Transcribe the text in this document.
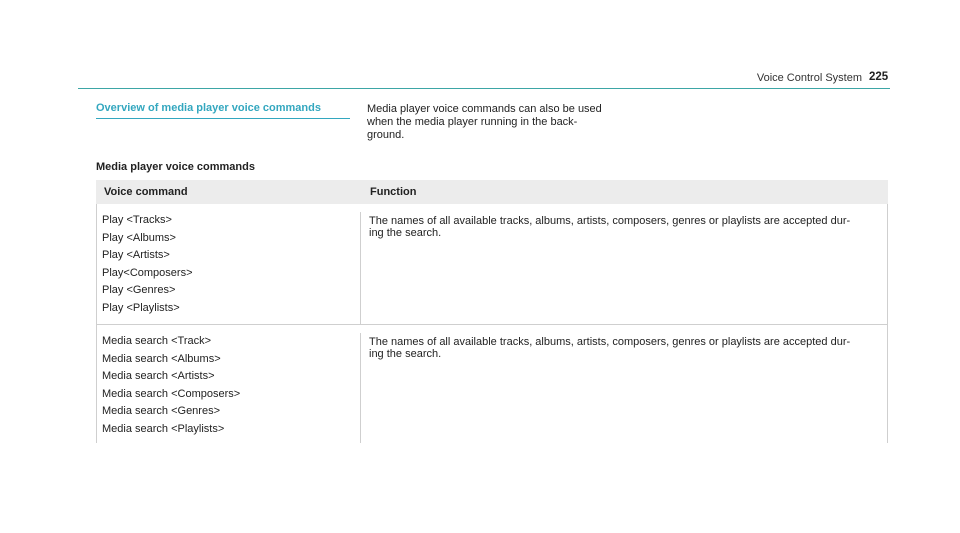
Voice Control System 225
Overview of media player voice commands	Media player voice commands can also be used
when the media player running in the back-
ground.
Media player voice commands
Voice command	Function
Play <Tracks>
Play <Albums>
Play <Artists>
Play<Composers>
Play <Genres>
Play <Playlists>
The names of all available tracks, albums, artists, composers, genres or playlists are accepted dur-
ing the search.
Media search <Track>
Media search <Albums>
Media search <Artists>
Media search <Composers>
Media search <Genres>
Media search <Playlists>
The names of all available tracks, albums, artists, composers, genres or playlists are accepted dur-
ing the search.
